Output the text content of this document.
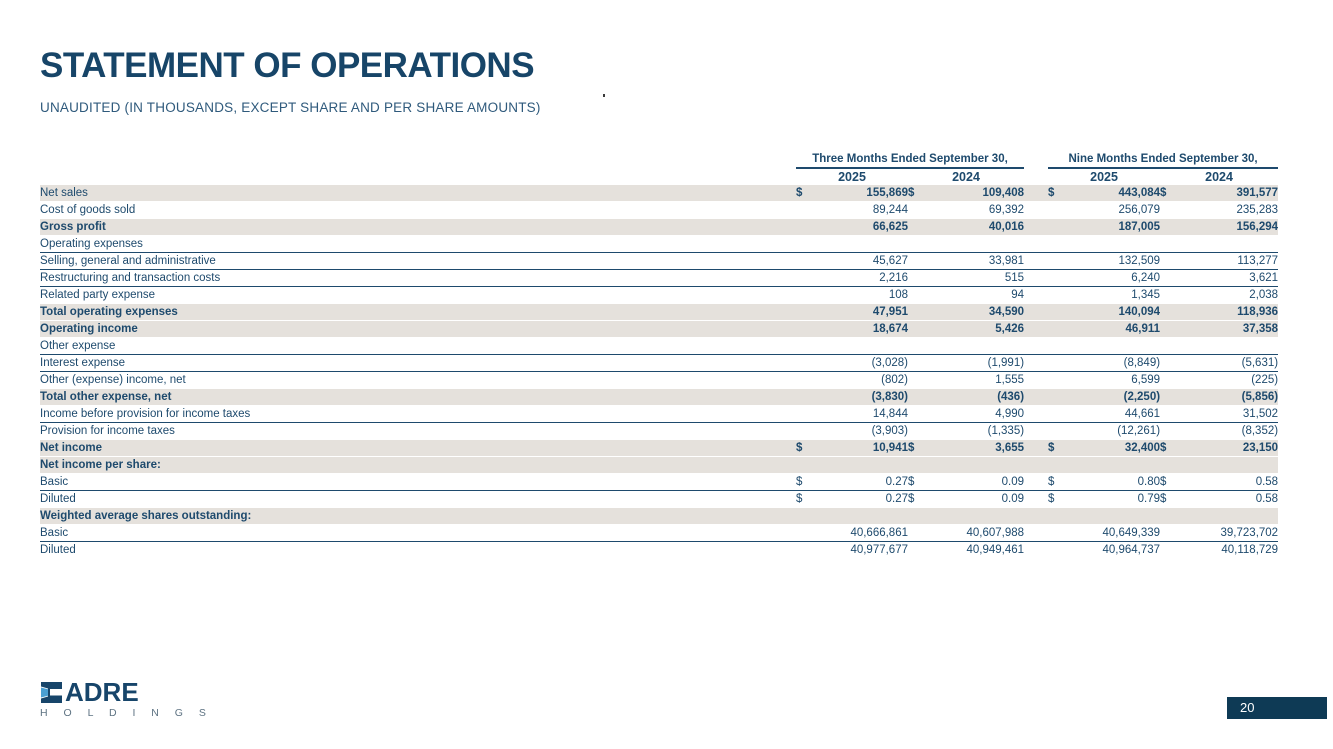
STATEMENT OF OPERATIONS
UNAUDITED (IN THOUSANDS, EXCEPT SHARE AND PER SHARE AMOUNTS)
	Three Months Ended September 30,					Nine Months Ended September 30,			
	2025		2024			2025		2024	
Net sales	$	155,869	$	109,408		$	443,084	$	391,577
Cost of goods sold		89,244		69,392			256,079		235,283
Gross profit		66,625		40,016			187,005		156,294
Operating expenses									
Selling, general and administrative		45,627		33,981			132,509		113,277
Restructuring and transaction costs		2,216		515			6,240		3,621
Related party expense		108		94			1,345		2,038
Total operating expenses		47,951		34,590			140,094		118,936
Operating income		18,674		5,426			46,911		37,358
Other expense									
Interest expense		(3,028)		(1,991)			(8,849)		(5,631)
Other (expense) income, net		(802)		1,555			6,599		(225)
Total other expense, net		(3,830)		(436)			(2,250)		(5,856)
Income before provision for income taxes		14,844		4,990			44,661		31,502
Provision for income taxes		(3,903)		(1,335)			(12,261)		(8,352)
Net income	$	10,941	$	3,655		$	32,400	$	23,150
Net income per share:									
Basic	$	0.27	$	0.09		$	0.80	$	0.58
Diluted	$	0.27	$	0.09		$	0.79	$	0.58
Weighted average shares outstanding:									
Basic		40,666,861		40,607,988			40,649,339		39,723,702
Diluted		40,977,677		40,949,461			40,964,737		40,118,729
ADRE
H O L D I N G S	20
